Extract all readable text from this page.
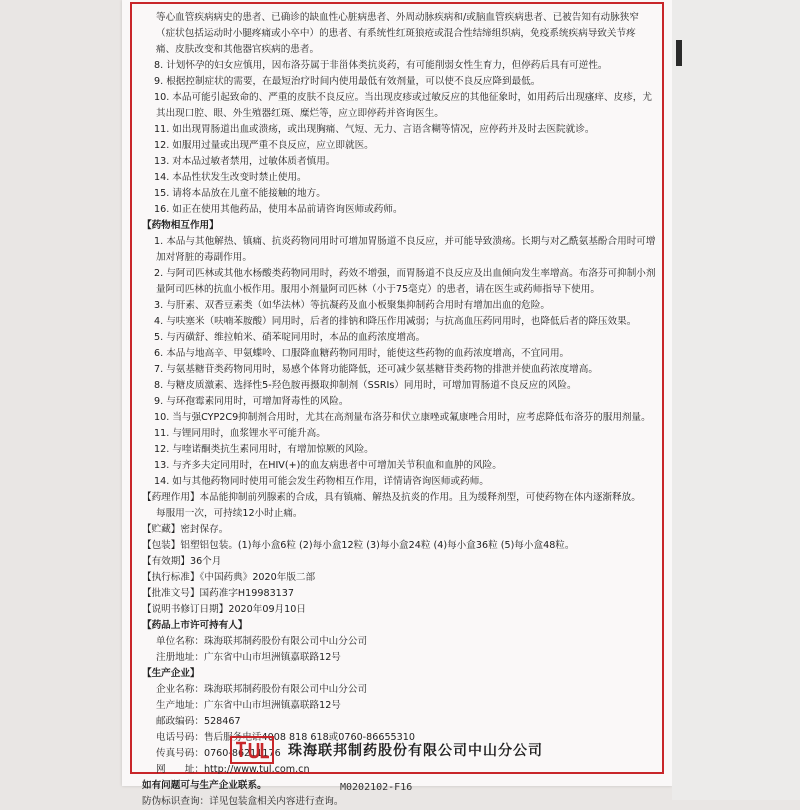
等心血管疾病病史的患者、已确诊的缺血性心脏病患者、外周动脉疾病和/或脑血管疾病患者、已被告知有动脉狭窄
（症状包括运动时小腿疼痛或小卒中）的患者、有系统性红斑狼疮或混合性结缔组织病，免疫系统疾病导致关节疼
痛、皮肤改变和其他器官疾病的患者。
8. 计划怀孕的妇女应慎用，因布洛芬属于非甾体类抗炎药，有可能削弱女性生育力，但停药后具有可逆性。
9. 根据控制症状的需要，在最短治疗时间内使用最低有效剂量，可以使不良反应降到最低。
10. 本品可能引起致命的、严重的皮肤不良反应。当出现皮疹或过敏反应的其他征象时，如用药后出现瘙痒、皮疹，尤
其出现口腔、眼、外生殖器红斑、糜烂等，应立即停药并咨询医生。
11. 如出现胃肠道出血或溃疡，或出现胸痛、气短、无力、言语含糊等情况，应停药并及时去医院就诊。
12. 如服用过量或出现严重不良反应，应立即就医。
13. 对本品过敏者禁用，过敏体质者慎用。
14. 本品性状发生改变时禁止使用。
15. 请将本品放在儿童不能接触的地方。
16. 如正在使用其他药品，使用本品前请咨询医师或药师。
【药物相互作用】
1. 本品与其他解热、镇痛、抗炎药物同用时可增加胃肠道不良反应，并可能导致溃疡。长期与对乙酰氨基酚合用时可增
加对肾脏的毒副作用。
2. 与阿司匹林或其他水杨酸类药物同用时，药效不增强，而胃肠道不良反应及出血倾向发生率增高。布洛芬可抑制小剂
量阿司匹林的抗血小板作用。服用小剂量阿司匹林（小于75毫克）的患者，请在医生或药师指导下使用。
3. 与肝素、双香豆素类（如华法林）等抗凝药及血小板聚集抑制药合用时有增加出血的危险。
4. 与呋塞米（呋喃苯胺酸）同用时，后者的排钠和降压作用减弱；与抗高血压药同用时，也降低后者的降压效果。
5. 与丙磺舒、维拉帕米、硝苯啶同用时，本品的血药浓度增高。
6. 本品与地高辛、甲氨蝶呤、口服降血糖药物同用时，能使这些药物的血药浓度增高，不宜同用。
7. 与氨基糖苷类药物同用时，易感个体肾功能降低，还可减少氨基糖苷类药物的排泄并使血药浓度增高。
8. 与糖皮质激素、选择性5-羟色胺再摄取抑制剂（SSRIs）同用时，可增加胃肠道不良反应的风险。
9. 与环孢霉素同用时，可增加肾毒性的风险。
10. 当与强CYP2C9抑制剂合用时，尤其在高剂量布洛芬和伏立康唑或氟康唑合用时，应考虑降低布洛芬的服用剂量。
11. 与锂同用时，血浆锂水平可能升高。
12. 与喹诺酮类抗生素同用时，有增加惊厥的风险。
13. 与齐多夫定同用时，在HIV(+)的血友病患者中可增加关节积血和血肿的风险。
14. 如与其他药物同时使用可能会发生药物相互作用，详情请咨询医师或药师。
【药理作用】本品能抑制前列腺素的合成，具有镇痛、解热及抗炎的作用。且为缓释剂型，可使药物在体内逐渐释放。
每服用一次，可持续12小时止痛。
【贮藏】密封保存。
【包装】铝塑铝包装。(1)每小盒6粒 (2)每小盒12粒 (3)每小盒24粒 (4)每小盒36粒 (5)每小盒48粒。
【有效期】36个月
【执行标准】《中国药典》2020年版二部
【批准文号】国药准字H19983137
【说明书修订日期】2020年09月10日
【药品上市许可持有人】
单位名称：珠海联邦制药股份有限公司中山分公司
注册地址：广东省中山市坦洲镇嘉联路12号
【生产企业】
企业名称：珠海联邦制药股份有限公司中山分公司
生产地址：广东省中山市坦洲镇嘉联路12号
邮政编码：528467
电话号码：售后服务电话4008 818 618或0760-86655310
传真号码：0760-86211176
网　　址：http://www.tul.com.cn
如有问题可与生产企业联系。
防伪标识查询：详见包装盒相关内容进行查询。
珠海联邦制药股份有限公司中山分公司
M0202102-F16
